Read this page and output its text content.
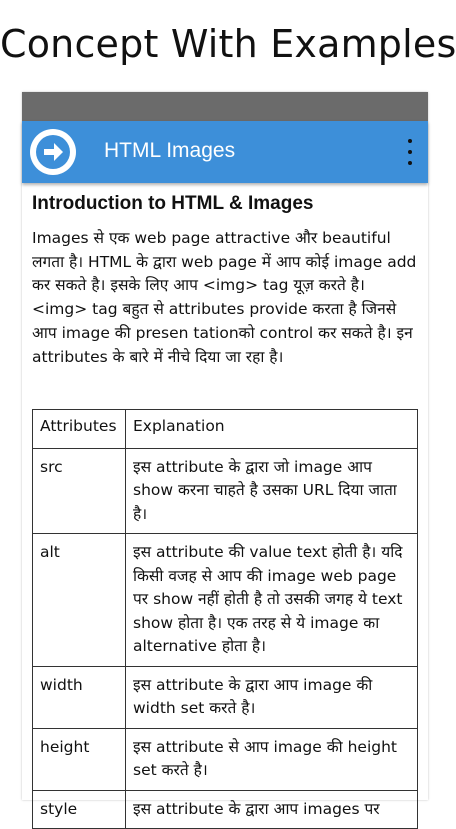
Concept With Examples
HTML Images
Introduction to HTML & Images

Images से एक web page attractive और beautiful लगता है। HTML के द्वारा web page में आप कोई image add कर सकते है। इसके लिए आप <img> tag यूज़ करते है। <img> tag बहुत से attributes provide करता है जिनसे आप image की presen tationको control कर सकते है। इन attributes के बारे में नीचे दिया जा रहा है।

Attributes	Explanation
src	इस attribute के द्वारा जो image आप show करना चाहते है उसका URL दिया जाता है।
alt	इस attribute की value text होती है। यदि किसी वजह से आप की image web page पर show नहीं होती है तो उसकी जगह ये text show होता है। एक तरह से ये image का alternative होता है।
width	इस attribute के द्वारा आप image की width set करते है।
height	इस attribute से आप image की height set करते है।
style	इस attribute के द्वारा आप images पर
